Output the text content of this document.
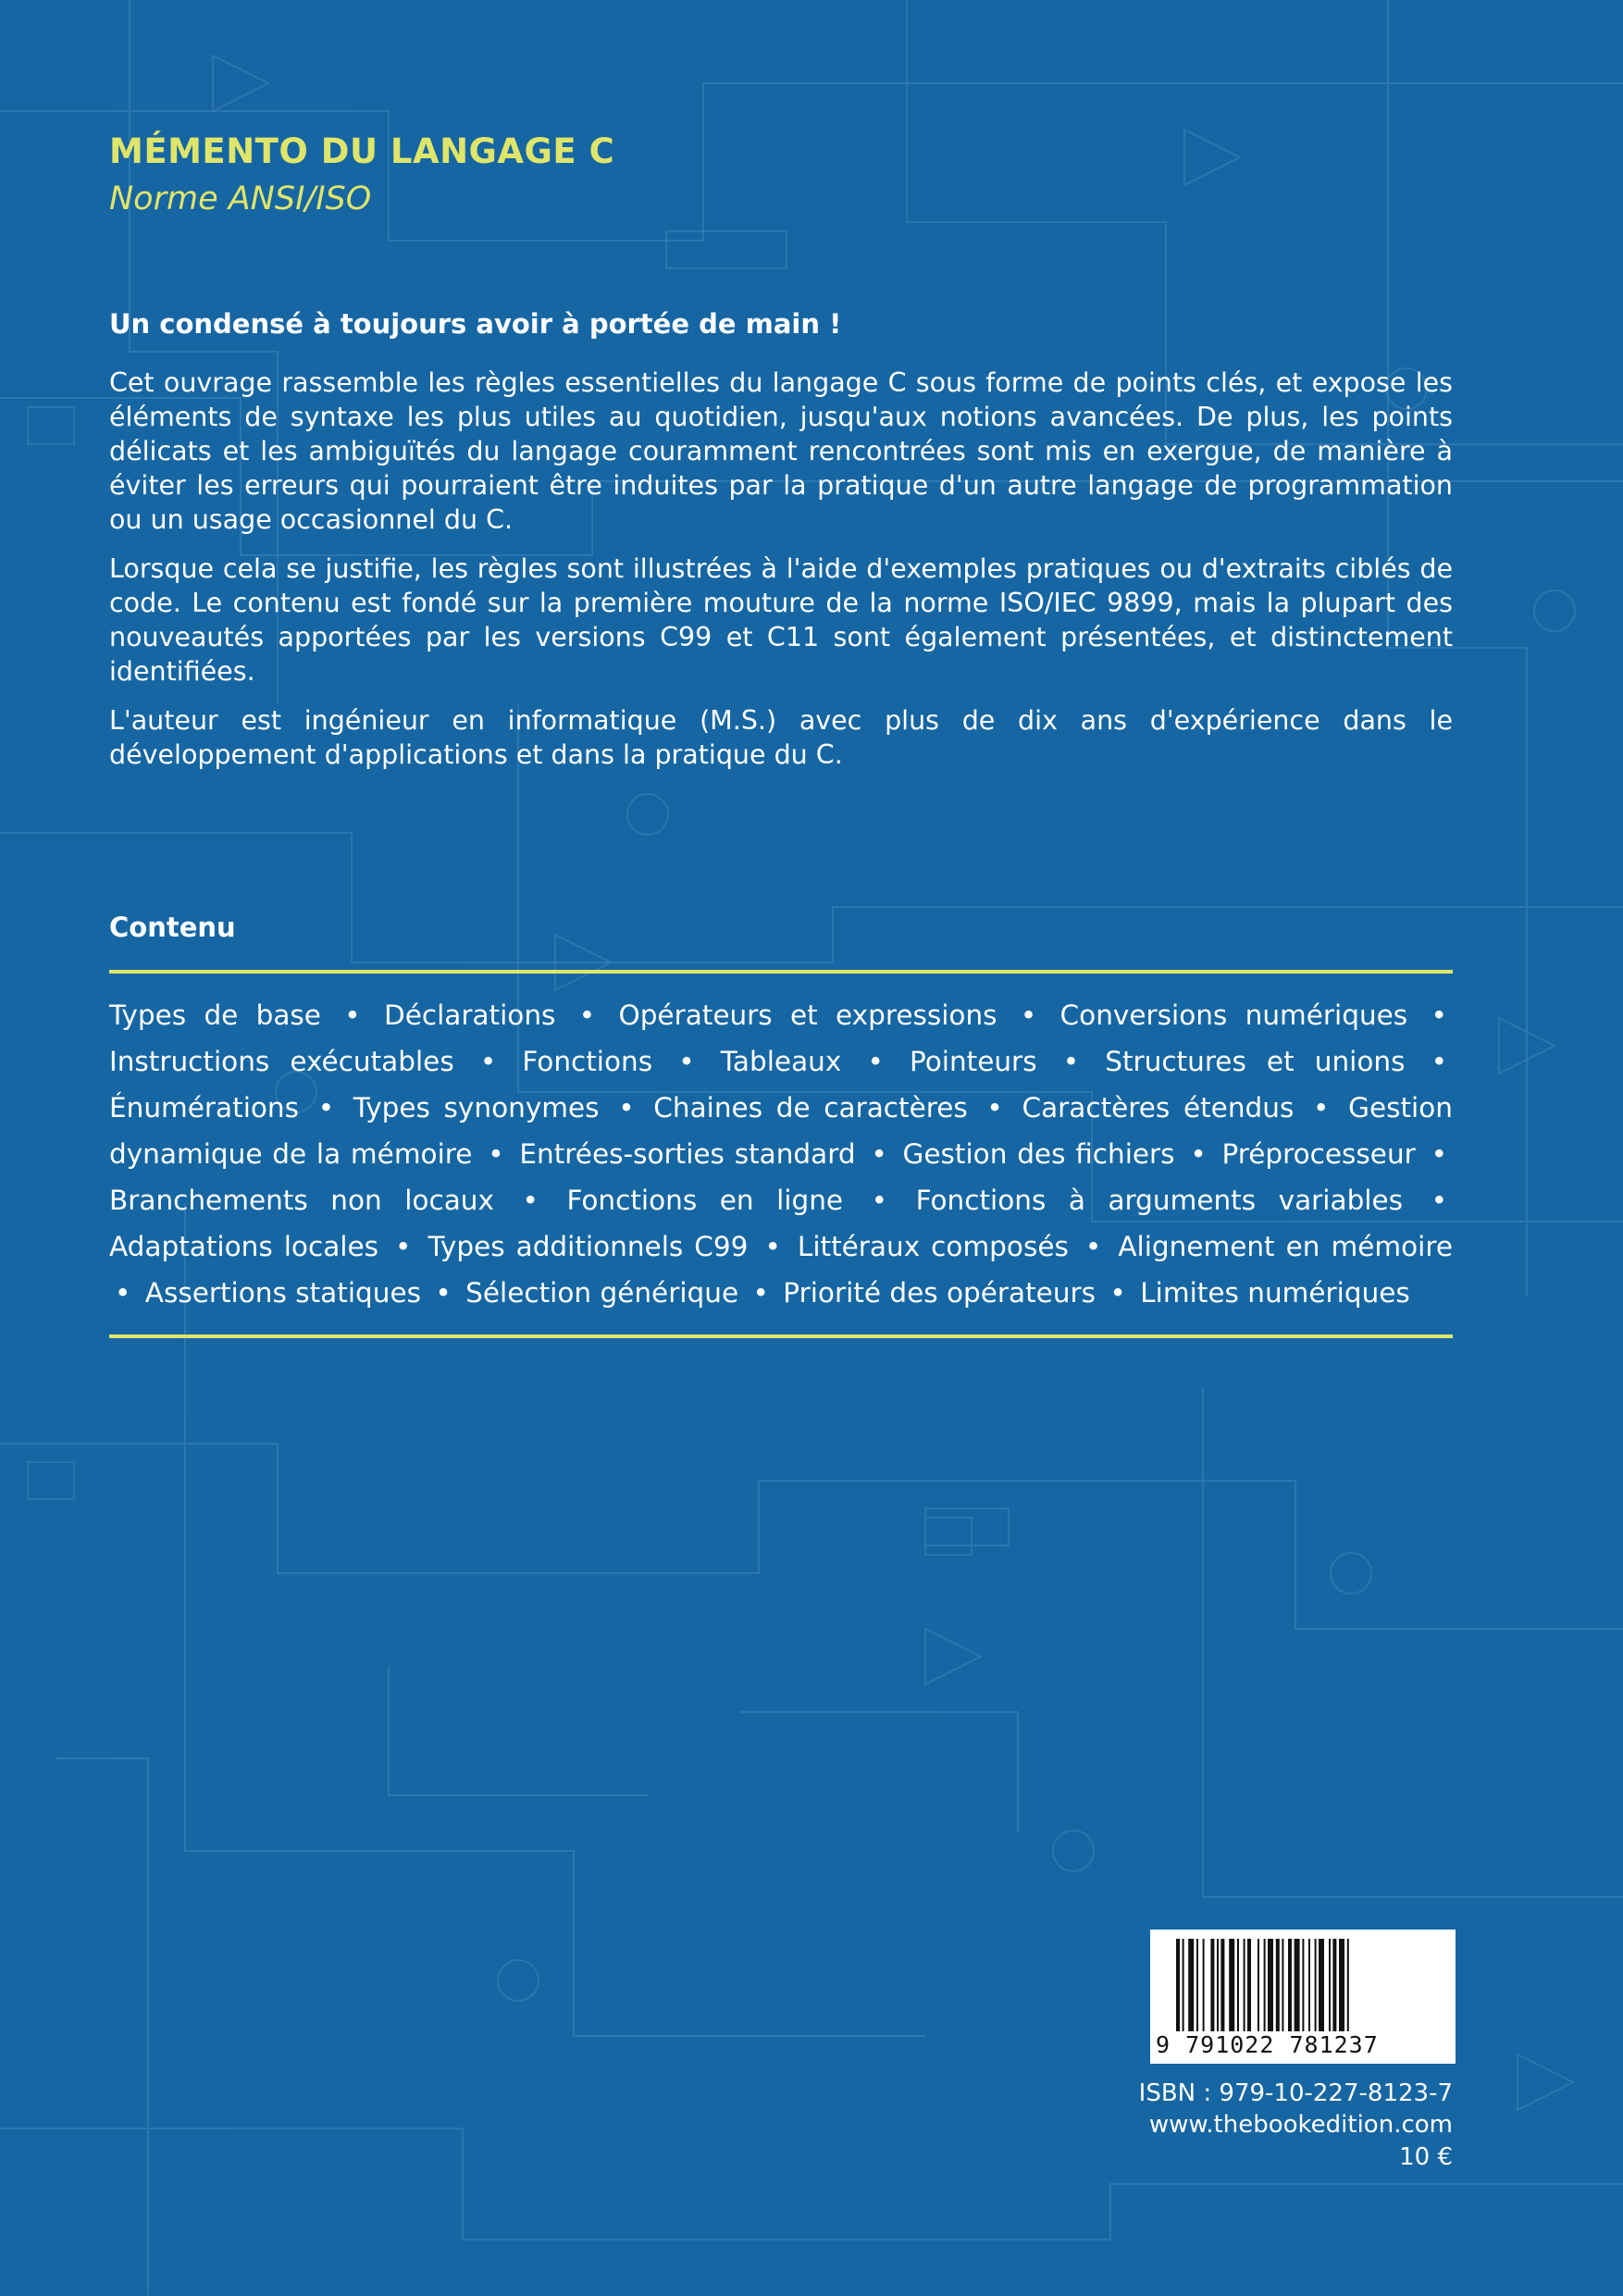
MÉMENTO DU LANGAGE C

Norme ANSI/ISO

Un condensé à toujours avoir à portée de main !

Cet ouvrage rassemble les règles essentielles du langage C sous forme de points clés, et expose les éléments de syntaxe les plus utiles au quotidien, jusqu'aux notions avancées. De plus, les points délicats et les ambiguïtés du langage couramment rencontrées sont mis en exergue, de manière à éviter les erreurs qui pourraient être induites par la pratique d'un autre langage de programmation ou un usage occasionnel du C.

Lorsque cela se justifie, les règles sont illustrées à l'aide d'exemples pratiques ou d'extraits ciblés de code. Le contenu est fondé sur la première mouture de la norme ISO/IEC 9899, mais la plupart des nouveautés apportées par les versions C99 et C11 sont également présentées, et distinctement identifiées.

L'auteur est ingénieur en informatique (M.S.) avec plus de dix ans d'expérience dans le développement d'applications et dans la pratique du C.

Contenu

Types de base • Déclarations • Opérateurs et expressions • Conversions numériques • Instructions exécutables • Fonctions • Tableaux • Pointeurs • Structures et unions • Énumérations • Types synonymes • Chaines de caractères • Caractères étendus • Gestion dynamique de la mémoire • Entrées-sorties standard • Gestion des fichiers • Préprocesseur • Branchements non locaux • Fonctions en ligne • Fonctions à arguments variables • Adaptations locales • Types additionnels C99 • Littéraux composés • Alignement en mémoire • Assertions statiques • Sélection générique • Priorité des opérateurs • Limites numériques

9 791022 781237

ISBN : 979-10-227-8123-7

www.thebookedition.com

10 €
